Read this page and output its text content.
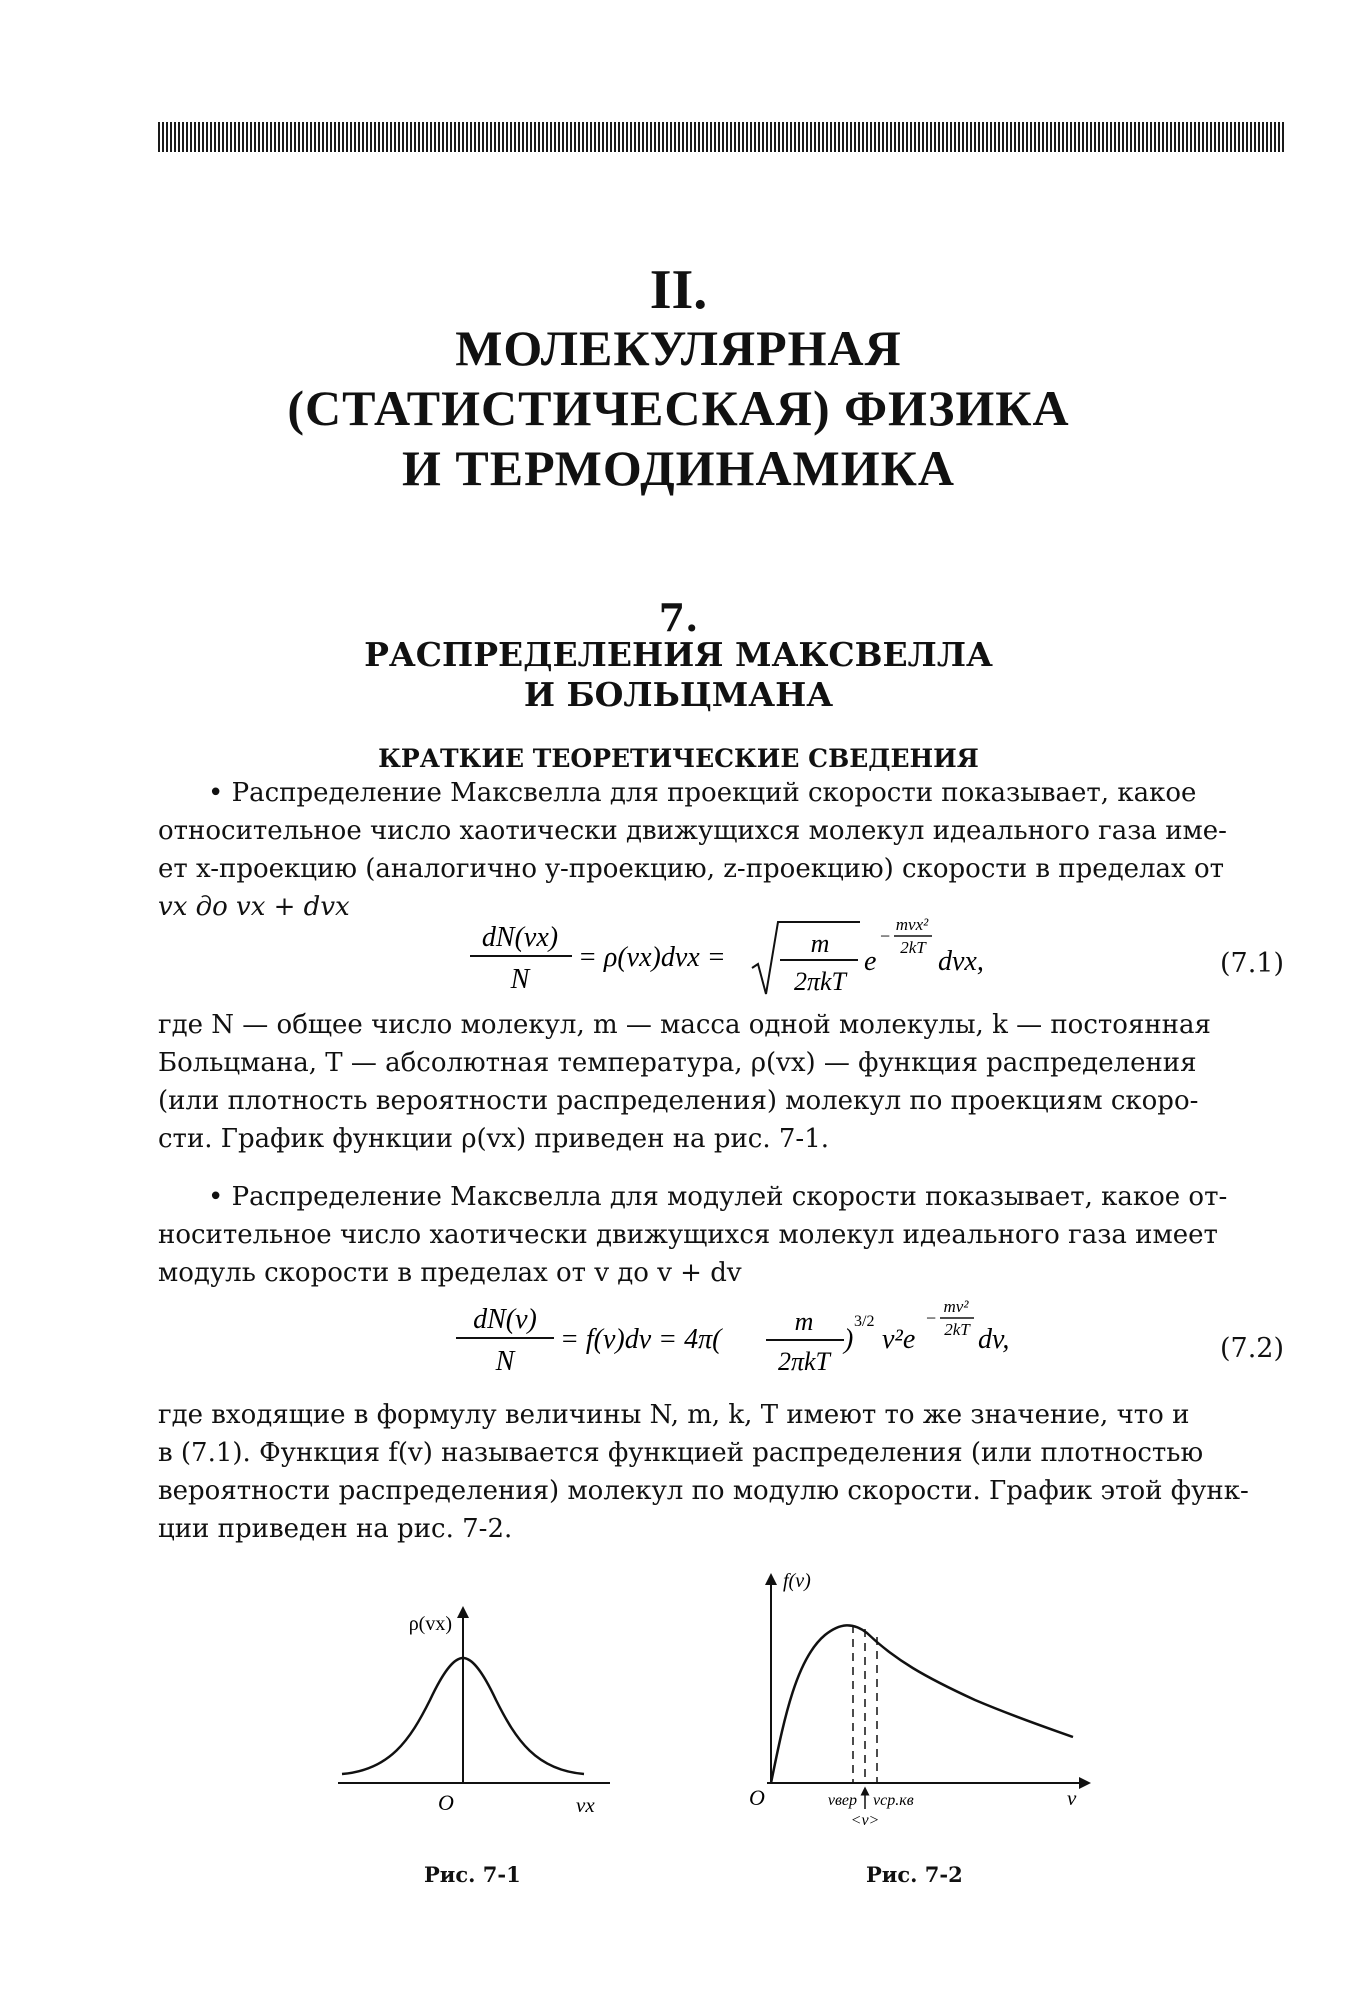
II.
МОЛЕКУЛЯРНАЯ
(СТАТИСТИЧЕСКАЯ) ФИЗИКА
И ТЕРМОДИНАМИКА
7.
РАСПРЕДЕЛЕНИЯ МАКСВЕЛЛА
И БОЛЬЦМАНА
КРАТКИЕ ТЕОРЕТИЧЕСКИЕ СВЕДЕНИЯ
• Распределение Максвелла для проекций скорости показывает, какое
относительное число хаотически движущихся молекул идеального газа име-
ет x-проекцию (аналогично y-проекцию, z-проекцию) скорости в пределах от
vx до vx + dvx
dN(vx)
N
= ρ(vx)dvx =	m
2πkT
e
−
mvx²
2kT dvx,	(7.1)
где N — общее число молекул, m — масса одной молекулы, k — постоянная
Больцмана, T — абсолютная температура, ρ(vx) — функция распределения
(или плотность вероятности распределения) молекул по проекциям скоро-
сти. График функции ρ(vx) приведен на рис. 7-1.
• Распределение Максвелла для модулей скорости показывает, какое от-
носительное число хаотически движущихся молекул идеального газа имеет
модуль скорости в пределах от v до v + dv
dN(v)
N
= f(v)dv = 4π(
m
2πkT
)
3/2
v²e
−
mv²
2kT dv,	(7.2)
где входящие в формулу величины N, m, k, T имеют то же значение, что и
в (7.1). Функция f(v) называется функцией распределения (или плотностью
вероятности распределения) молекул по модулю скорости. График этой функ-
ции приведен на рис. 7-2.
ρ(vx)
O	vx
Рис. 7-1
f(v)
O	v
vвер vср.кв
<v>
Рис. 7-2
